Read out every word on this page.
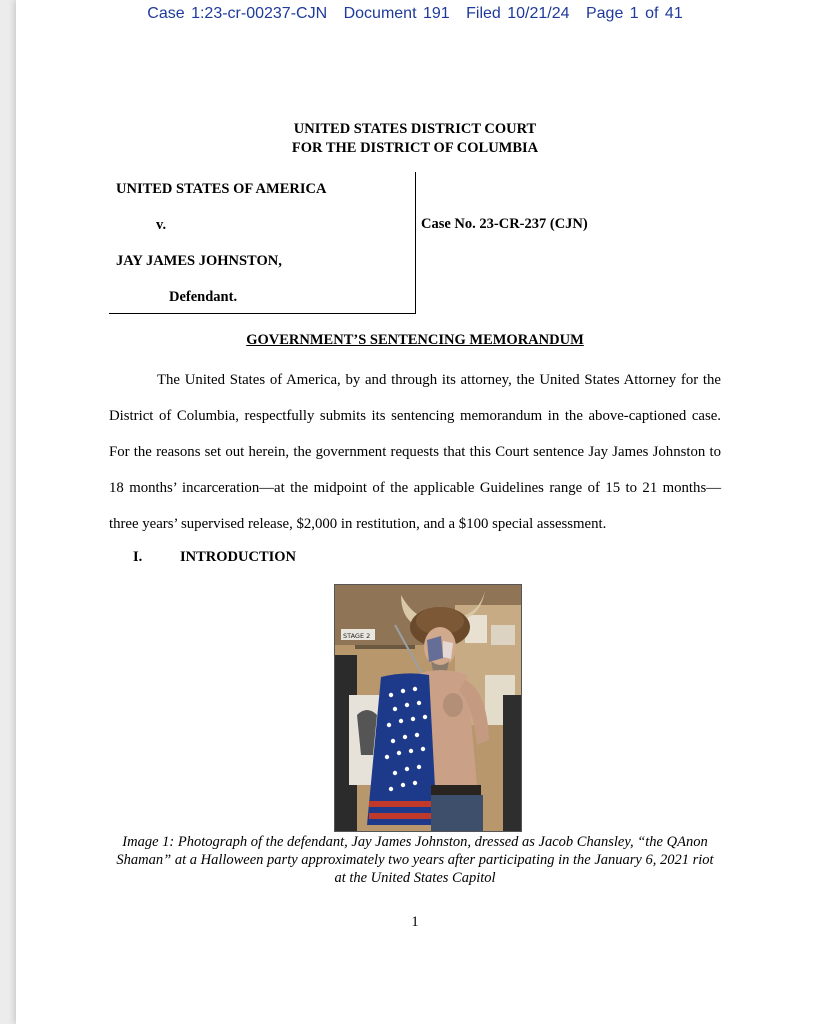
Case 1:23-cr-00237-CJN Document 191 Filed 10/21/24 Page 1 of 41
UNITED STATES DISTRICT COURT
FOR THE DISTRICT OF COLUMBIA
UNITED STATES OF AMERICA
v.
JAY JAMES JOHNSTON,
Defendant.
Case No. 23-CR-237 (CJN)
GOVERNMENT’S SENTENCING MEMORANDUM
The United States of America, by and through its attorney, the United States Attorney for the District of Columbia, respectfully submits its sentencing memorandum in the above-captioned case. For the reasons set out herein, the government requests that this Court sentence Jay James Johnston to 18 months’ incarceration—at the midpoint of the applicable Guidelines range of 15 to 21 months—three years’ supervised release, $2,000 in restitution, and a $100 special assessment.
I.	INTRODUCTION
STAGE 2
Image 1: Photograph of the defendant, Jay James Johnston, dressed as Jacob Chansley, “the QAnon Shaman” at a Halloween party approximately two years after participating in the January 6, 2021 riot at the United States Capitol
1
